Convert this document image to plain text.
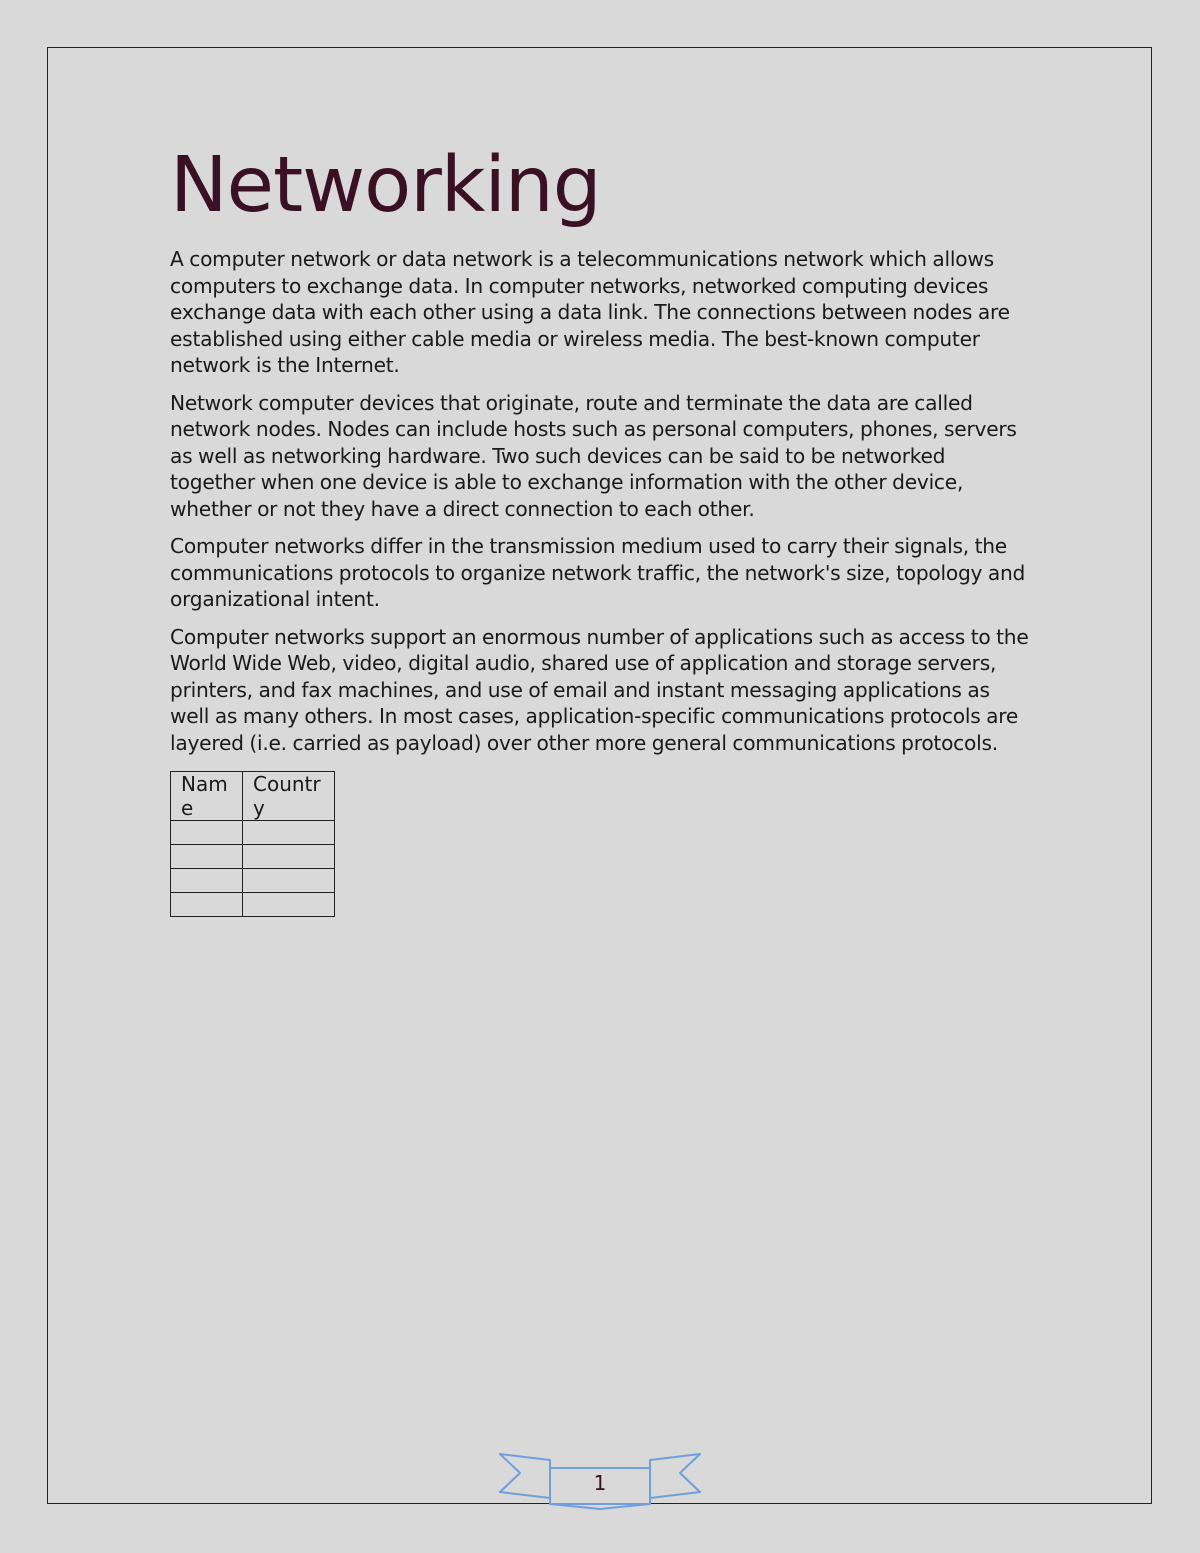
Networking

A computer network or data network is a telecommunications network which allows computers to exchange data. In computer networks, networked computing devices exchange data with each other using a data link. The connections between nodes are established using either cable media or wireless media. The best-known computer network is the Internet.

Network computer devices that originate, route and terminate the data are called network nodes. Nodes can include hosts such as personal computers, phones, servers as well as networking hardware. Two such devices can be said to be networked together when one device is able to exchange information with the other device, whether or not they have a direct connection to each other.

Computer networks differ in the transmission medium used to carry their signals, the communications protocols to organize network traffic, the network's size, topology and organizational intent.

Computer networks support an enormous number of applications such as access to the World Wide Web, video, digital audio, shared use of application and storage servers, printers, and fax machines, and use of email and instant messaging applications as well as many others. In most cases, application-specific communications protocols are layered (i.e. carried as payload) over other more general communications protocols.

Name	Country

1
